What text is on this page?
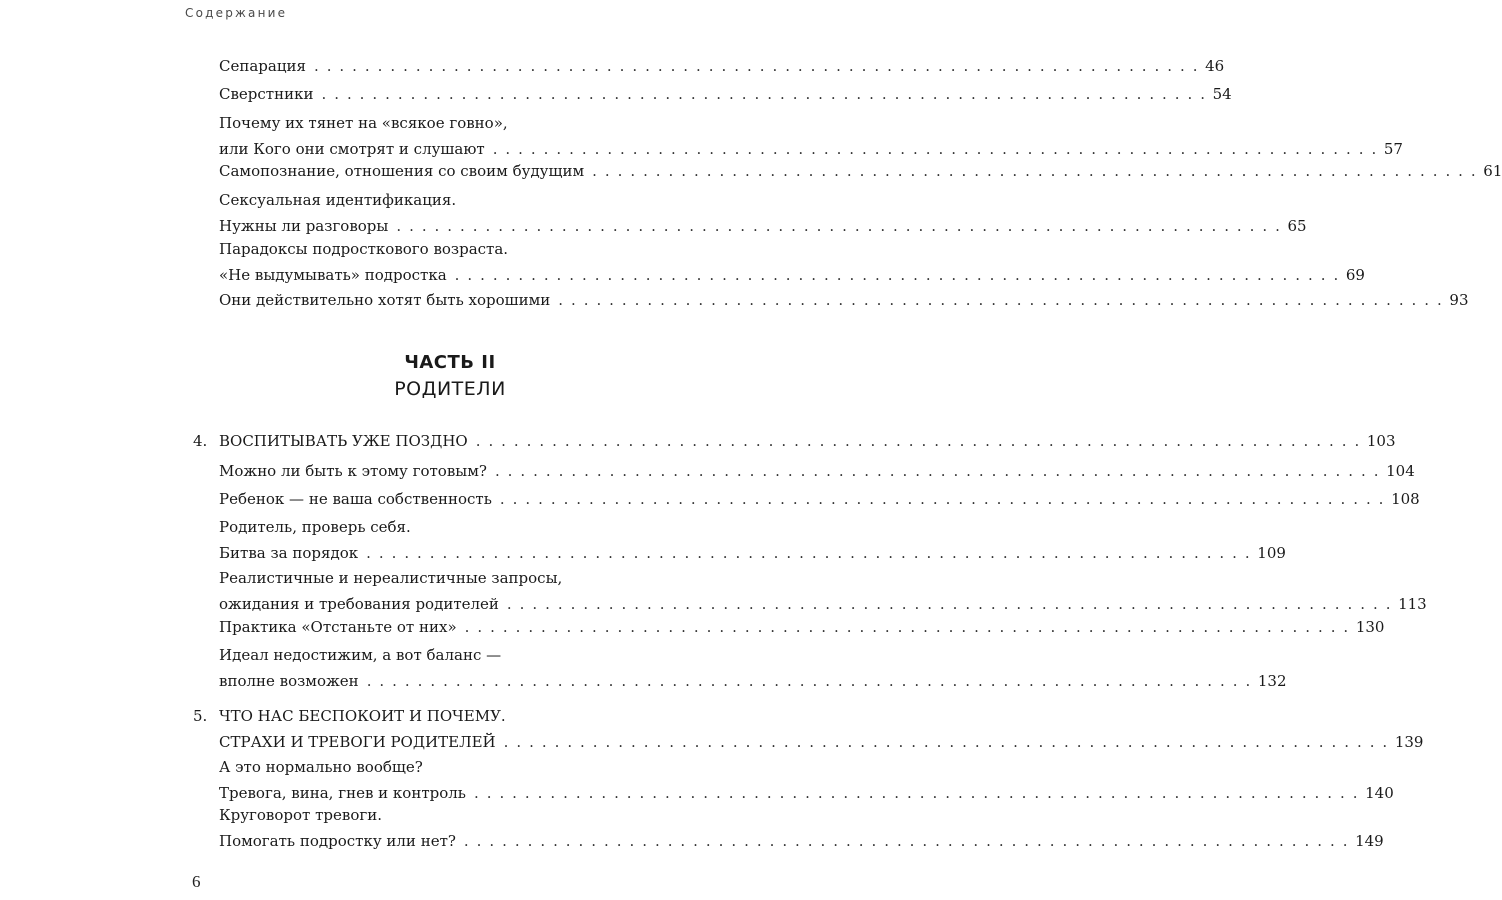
Содержание
Сепарация . . . . . . . . . . . . . . . . . . . . . . . . . . . . . . . . . . . . . . . . . . . . . . . . . . . . . . . . . . . . . . . . . . . . . . 46
Сверстники . . . . . . . . . . . . . . . . . . . . . . . . . . . . . . . . . . . . . . . . . . . . . . . . . . . . . . . . . . . . . . . . . . . . . . 54
Почему их тянет на «всякое говно»,
или Кого они смотрят и слушают . . . . . . . . . . . . . . . . . . . . . . . . . . . . . . . . . . . . . . . . . . . . . . . . . . . . . . . . . . . . . . . . . . . . . . 57
Самопознание, отношения со своим будущим . . . . . . . . . . . . . . . . . . . . . . . . . . . . . . . . . . . . . . . . . . . . . . . . . . . . . . . . . . . . . . . . . . . . . . 61
Сексуальная идентификация.
Нужны ли разговоры . . . . . . . . . . . . . . . . . . . . . . . . . . . . . . . . . . . . . . . . . . . . . . . . . . . . . . . . . . . . . . . . . . . . . . 65
Парадоксы подросткового возраста.
«Не выдумывать» подростка . . . . . . . . . . . . . . . . . . . . . . . . . . . . . . . . . . . . . . . . . . . . . . . . . . . . . . . . . . . . . . . . . . . . . . 69
Они действительно хотят быть хорошими . . . . . . . . . . . . . . . . . . . . . . . . . . . . . . . . . . . . . . . . . . . . . . . . . . . . . . . . . . . . . . . . . . . . . . 93
ЧАСТЬ II
РОДИТЕЛИ
4. ВОСПИТЫВАТЬ УЖЕ ПОЗДНО . . . . . . . . . . . . . . . . . . . . . . . . . . . . . . . . . . . . . . . . . . . . . . . . . . . . . . . . . . . . . . . . . . . . . . 103
Можно ли быть к этому готовым? . . . . . . . . . . . . . . . . . . . . . . . . . . . . . . . . . . . . . . . . . . . . . . . . . . . . . . . . . . . . . . . . . . . . . . 104
Ребенок — не ваша собственность . . . . . . . . . . . . . . . . . . . . . . . . . . . . . . . . . . . . . . . . . . . . . . . . . . . . . . . . . . . . . . . . . . . . . . 108
Родитель, проверь себя.
Битва за порядок . . . . . . . . . . . . . . . . . . . . . . . . . . . . . . . . . . . . . . . . . . . . . . . . . . . . . . . . . . . . . . . . . . . . . . 109
Реалистичные и нереалистичные запросы,
ожидания и требования родителей . . . . . . . . . . . . . . . . . . . . . . . . . . . . . . . . . . . . . . . . . . . . . . . . . . . . . . . . . . . . . . . . . . . . . . 113
Практика «Отстаньте от них» . . . . . . . . . . . . . . . . . . . . . . . . . . . . . . . . . . . . . . . . . . . . . . . . . . . . . . . . . . . . . . . . . . . . . . 130
Идеал недостижим, а вот баланс —
вполне возможен . . . . . . . . . . . . . . . . . . . . . . . . . . . . . . . . . . . . . . . . . . . . . . . . . . . . . . . . . . . . . . . . . . . . . . 132
5. ЧТО НАС БЕСПОКОИТ И ПОЧЕМУ.
СТРАХИ И ТРЕВОГИ РОДИТЕЛЕЙ . . . . . . . . . . . . . . . . . . . . . . . . . . . . . . . . . . . . . . . . . . . . . . . . . . . . . . . . . . . . . . . . . . . . . . 139
А это нормально вообще?
Тревога, вина, гнев и контроль . . . . . . . . . . . . . . . . . . . . . . . . . . . . . . . . . . . . . . . . . . . . . . . . . . . . . . . . . . . . . . . . . . . . . . 140
Круговорот тревоги.
Помогать подростку или нет? . . . . . . . . . . . . . . . . . . . . . . . . . . . . . . . . . . . . . . . . . . . . . . . . . . . . . . . . . . . . . . . . . . . . . . 149
6
